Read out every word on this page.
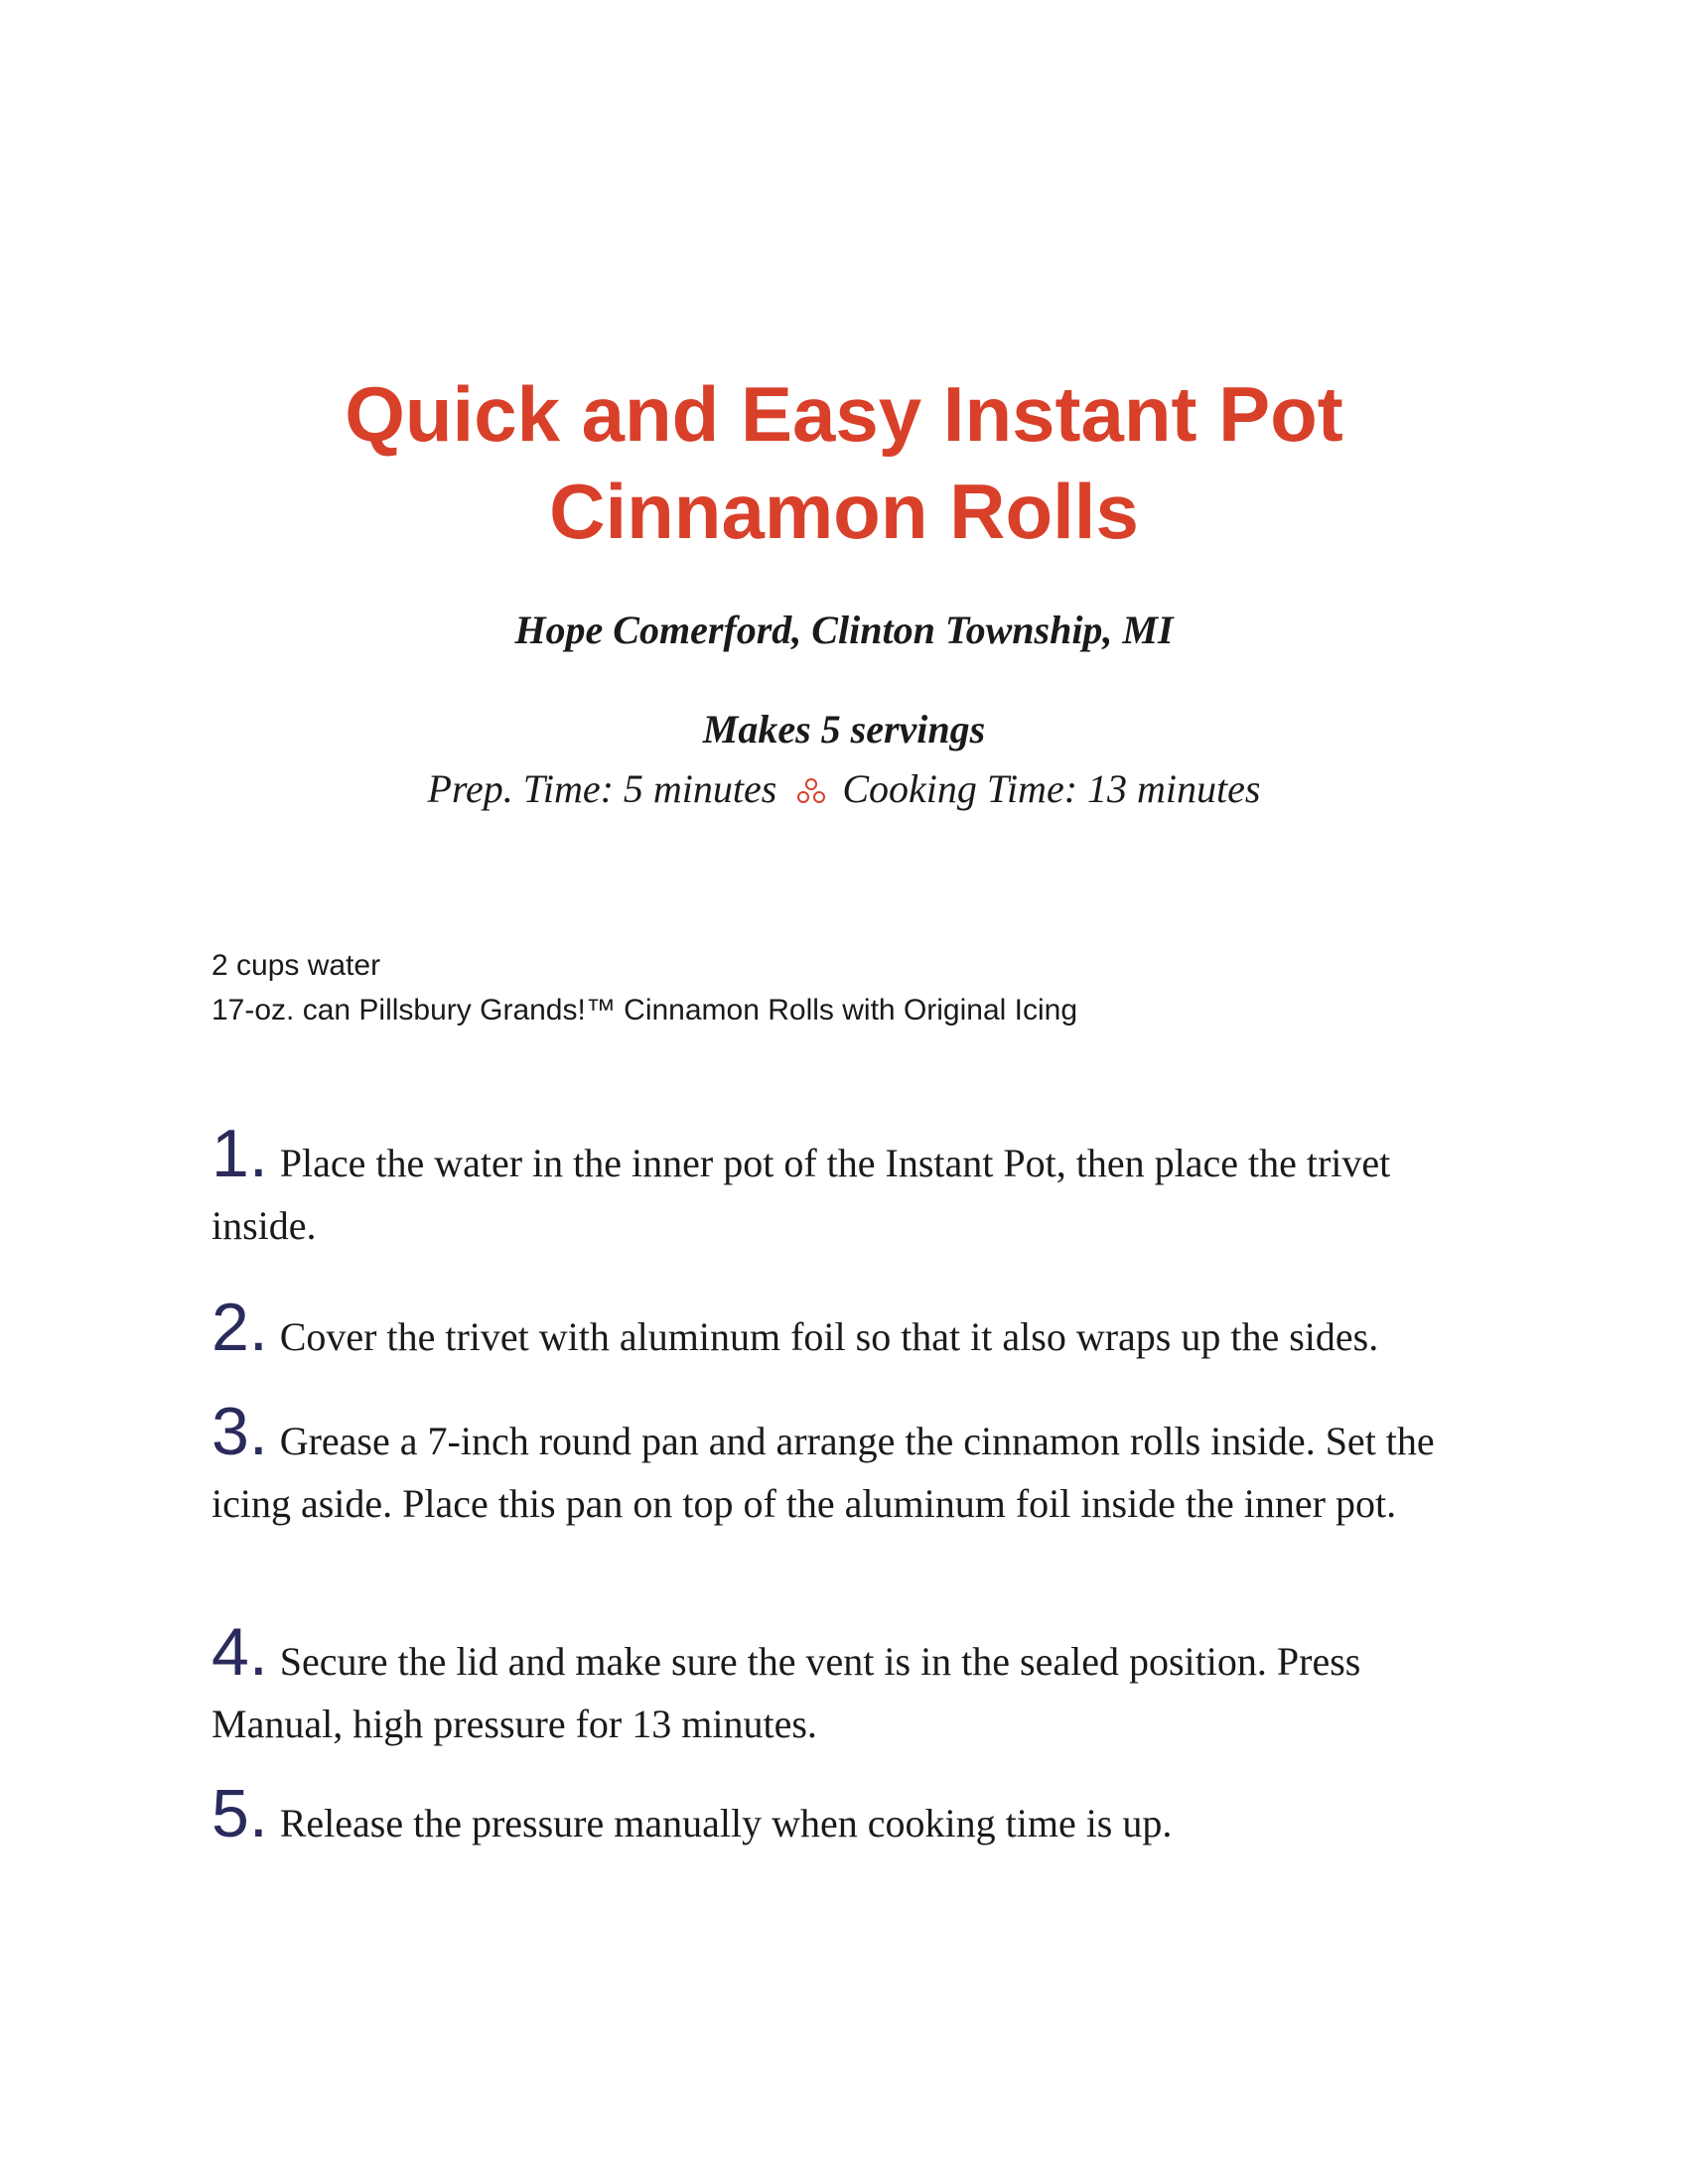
Quick and Easy Instant Pot
Cinnamon Rolls
Hope Comerford, Clinton Township, MI
Makes 5 servings
Prep. Time: 5 minutes Cooking Time: 13 minutes
2 cups water
17-oz. can Pillsbury Grands!™ Cinnamon Rolls with Original Icing

1. Place the water in the inner pot of the Instant Pot, then place the trivet inside.

2. Cover the trivet with aluminum foil so that it also wraps up the sides.

3. Grease a 7-inch round pan and arrange the cinnamon rolls inside. Set the icing aside. Place this pan on top of the aluminum foil inside the inner pot.

4. Secure the lid and make sure the vent is in the sealed position. Press Manual, high pressure for 13 minutes.

5. Release the pressure manually when cooking time is up.
